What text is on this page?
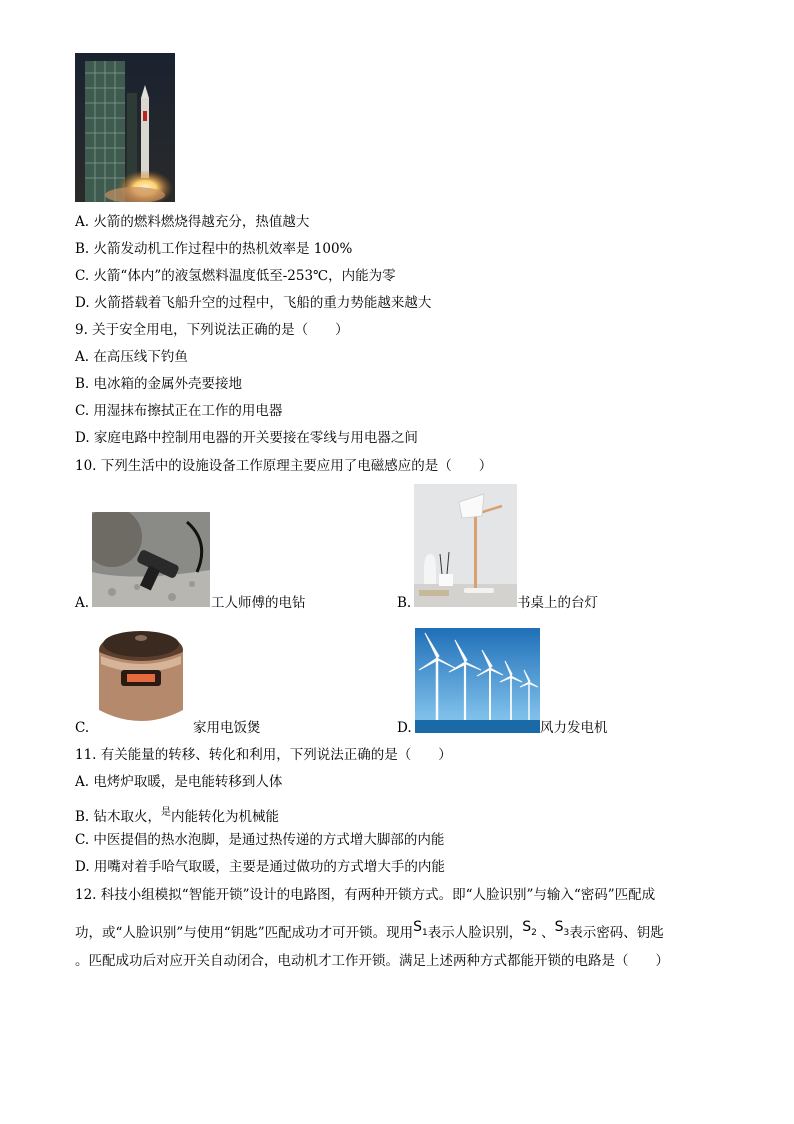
A. 火箭的燃料燃烧得越充分，热值越大
B. 火箭发动机工作过程中的热机效率是 100%
C. 火箭“体内”的液氢燃料温度低至-253℃，内能为零
D. 火箭搭载着飞船升空的过程中，飞船的重力势能越来越大
9. 关于安全用电，下列说法正确的是（　　）
A. 在高压线下钓鱼
B. 电冰箱的金属外壳要接地
C. 用湿抹布擦拭正在工作的用电器
D. 家庭电路中控制用电器的开关要接在零线与用电器之间
10. 下列生活中的设施设备工作原理主要应用了电磁感应的是（　　）
A.	工人师傅的电钻	B.	书桌上的台灯
C.	家用电饭煲	D.	风力发电机
11. 有关能量的转移、转化和利用，下列说法正确的是（　　）
A. 电烤炉取暖，是电能转移到人体
B. 钻木取火，$^是$内能转化为机械能
C. 中医提倡的热水泡脚，是通过热传递的方式增大脚部的内能
D. 用嘴对着手哈气取暖，主要是通过做功的方式增大手的内能
12. 科技小组模拟“智能开锁”设计的电路图，有两种开锁方式。即“人脸识别”与输入“密码”匹配成
功，或“人脸识别”与使用“钥匙”匹配成功才可开锁。现用$S_1$表示人脸识别，$S_2$ 、$S_3$表示密码、钥匙
。匹配成功后对应开关自动闭合，电动机才工作开锁。满足上述两种方式都能开锁的电路是（　　）
